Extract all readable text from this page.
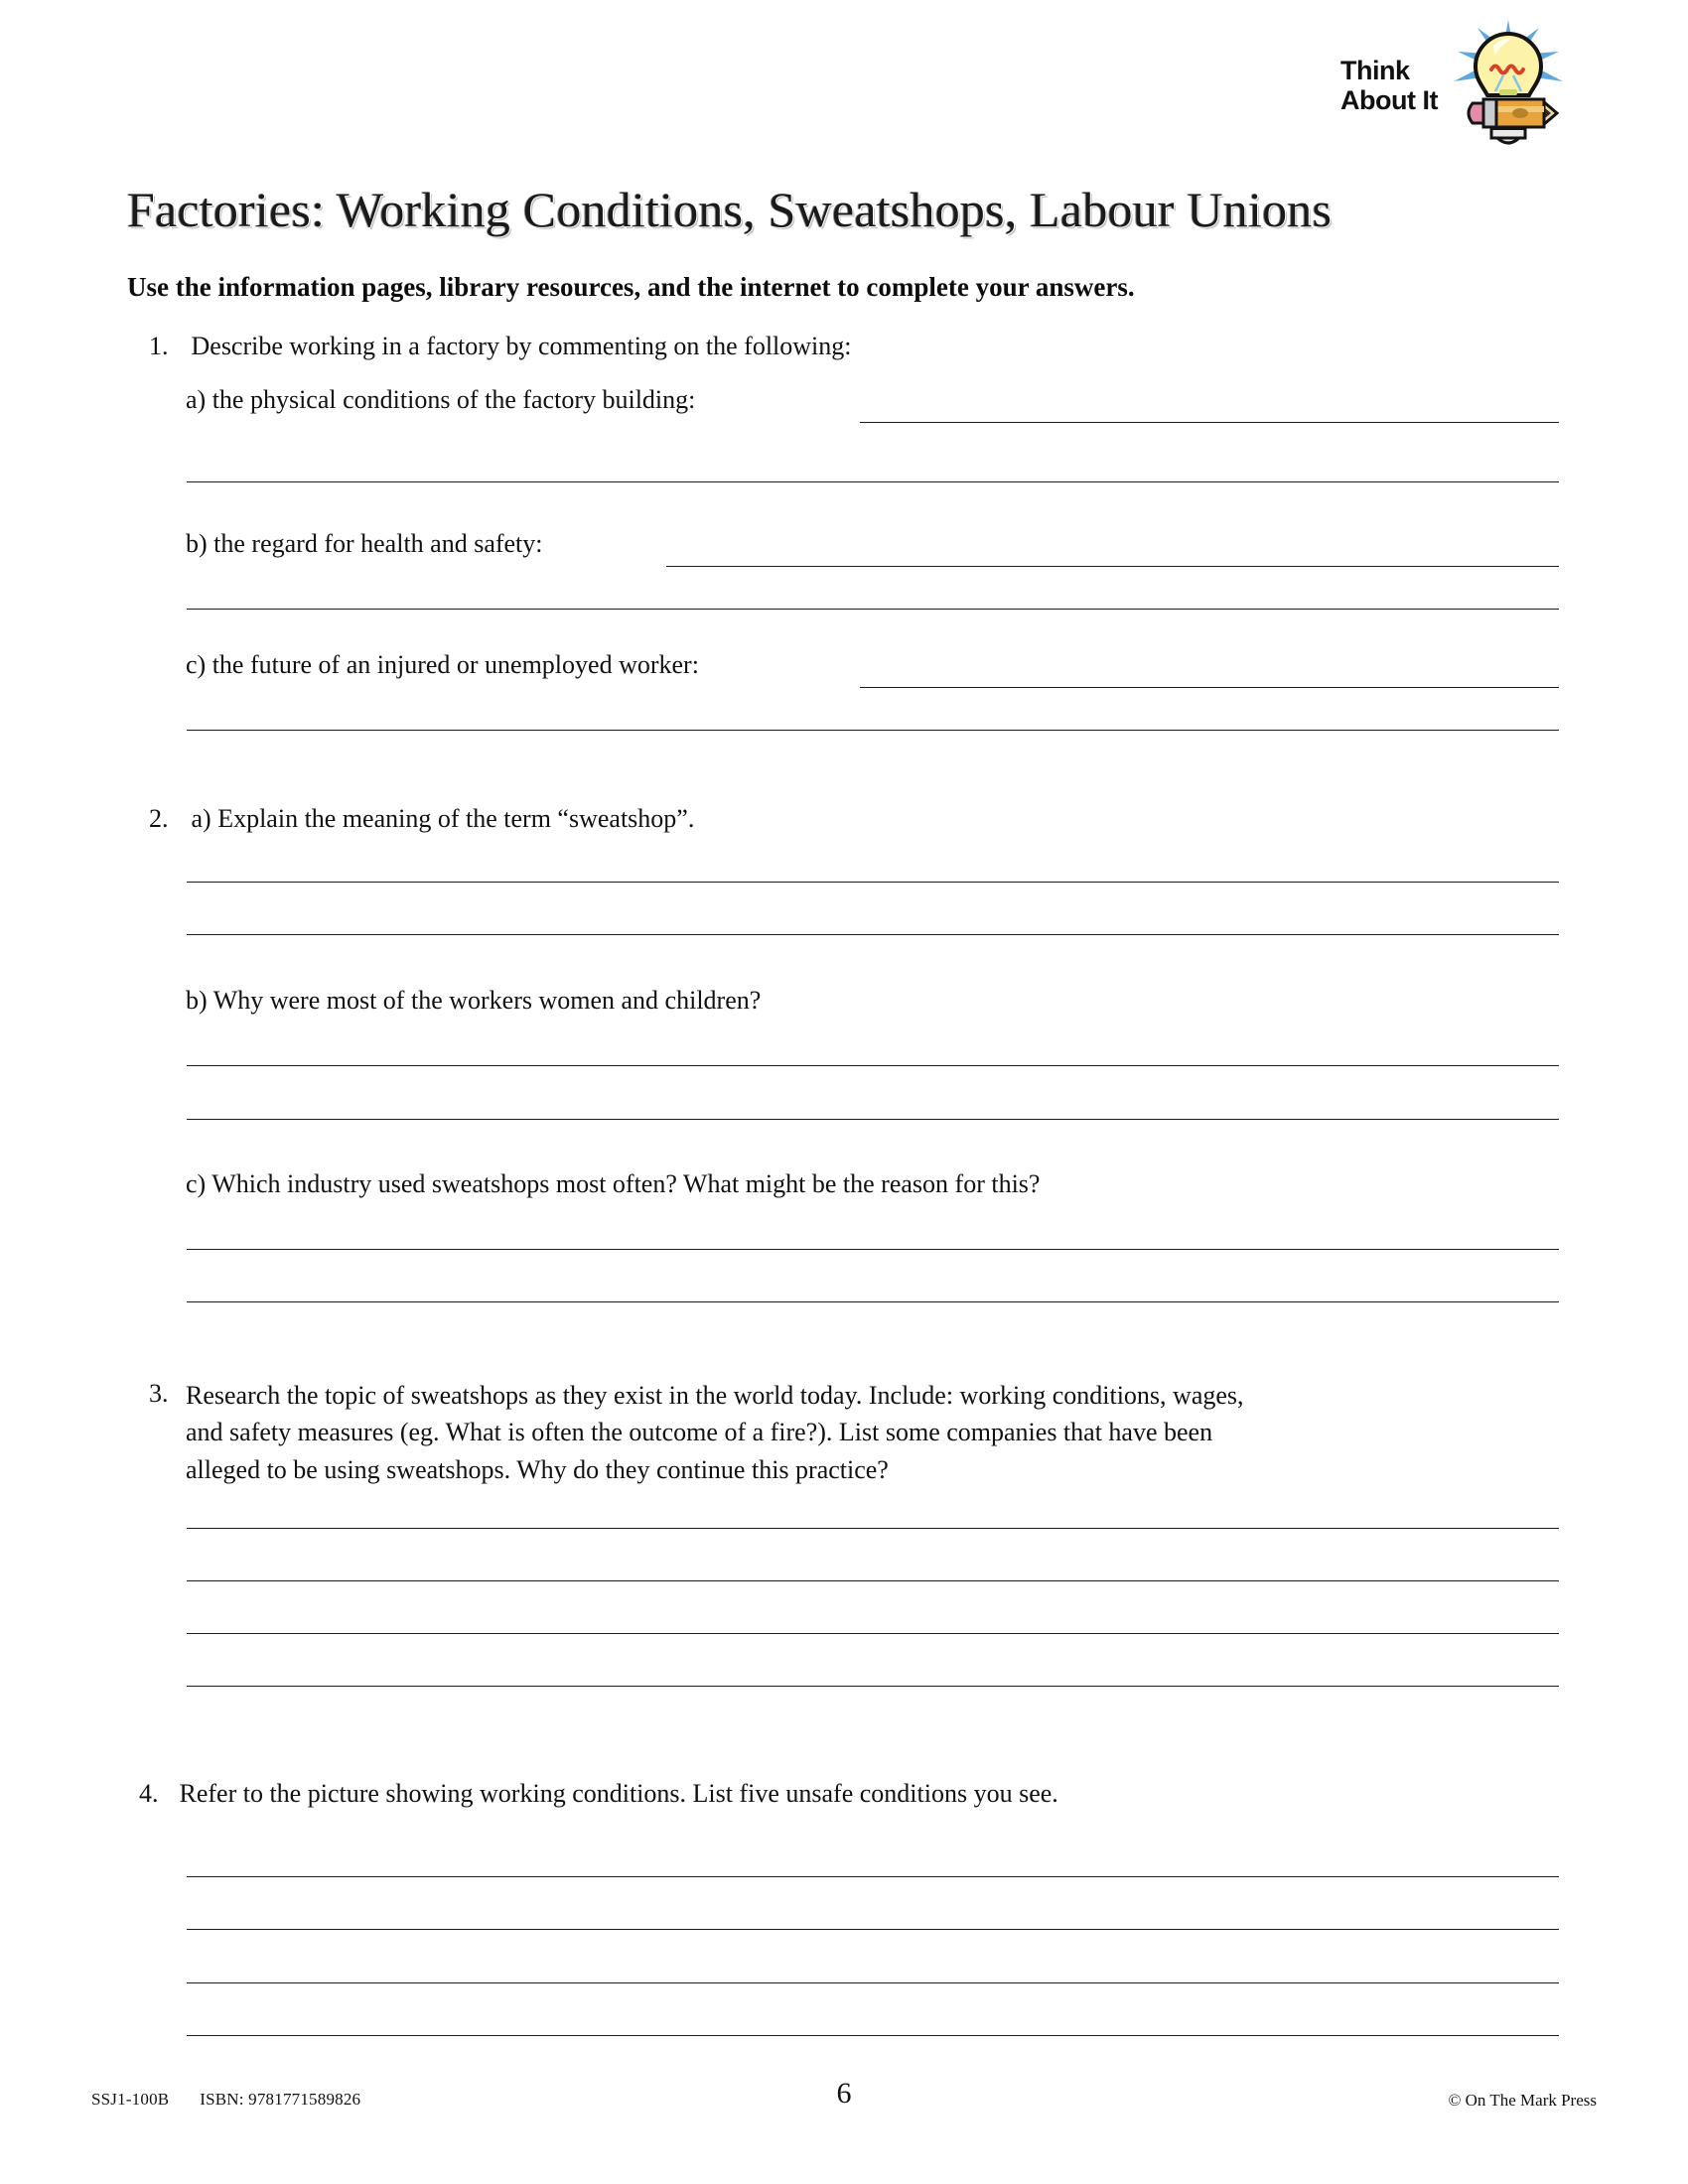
Think
About It
Factories: Working Conditions, Sweatshops, Labour Unions
Use the information pages, library resources, and the internet to complete your answers.
1. Describe working in a factory by commenting on the following:
a) the physical conditions of the factory building:
b) the regard for health and safety:
c) the future of an injured or unemployed worker:
2. a) Explain the meaning of the term “sweatshop”.
b) Why were most of the workers women and children?
c) Which industry used sweatshops most often? What might be the reason for this?
3. Research the topic of sweatshops as they exist in the world today. Include: working conditions, wages,
and safety measures (eg. What is often the outcome of a fire?). List some companies that have been
alleged to be using sweatshops. Why do they continue this practice?
4. Refer to the picture showing working conditions. List five unsafe conditions you see.
SSJ1-100B ISBN: 9781771589826	6	© On The Mark Press
